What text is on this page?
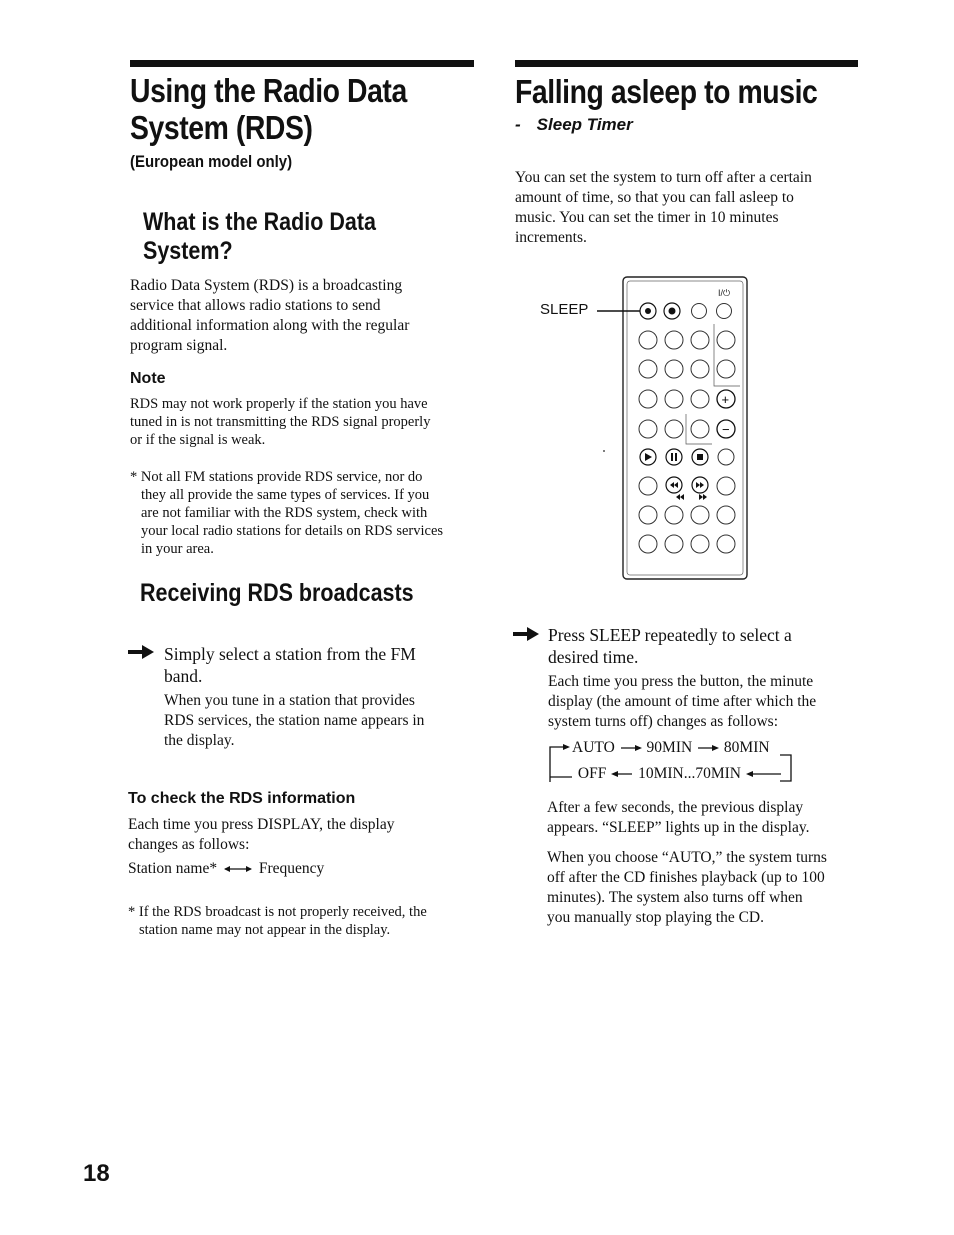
Using the Radio Data
System (RDS)
(European model only)
What is the Radio Data
System?
Radio Data System (RDS) is a broadcasting
service that allows radio stations to send
additional information along with the regular
program signal.
Note
RDS may not work properly if the station you have
tuned in is not transmitting the RDS signal properly
or if the signal is weak.
* Not all FM stations provide RDS service, nor do
they all provide the same types of services. If you
are not familiar with the RDS system, check with
your local radio stations for details on RDS services
in your area.
Receiving RDS broadcasts
Simply select a station from the FM
band.
When you tune in a station that provides
RDS services, the station name appears in
the display.
To check the RDS information
Each time you press DISPLAY, the display
changes as follows:
Station name*	Frequency
* If the RDS broadcast is not properly received, the
station name may not appear in the display.
Falling asleep to music
- Sleep Timer
You can set the system to turn off after a certain
amount of time, so that you can fall asleep to
music. You can set the timer in 10 minutes
increments.
SLEEP
I/⏻
+
−
Press SLEEP repeatedly to select a
desired time.
Each time you press the button, the minute
display (the amount of time after which the
system turns off) changes as follows:
AUTO 90MIN 80MIN
OFF 10MIN...70MIN
After a few seconds, the previous display
appears. “SLEEP” lights up in the display.
When you choose “AUTO,” the system turns
off after the CD finishes playback (up to 100
minutes). The system also turns off when
you manually stop playing the CD.
18
